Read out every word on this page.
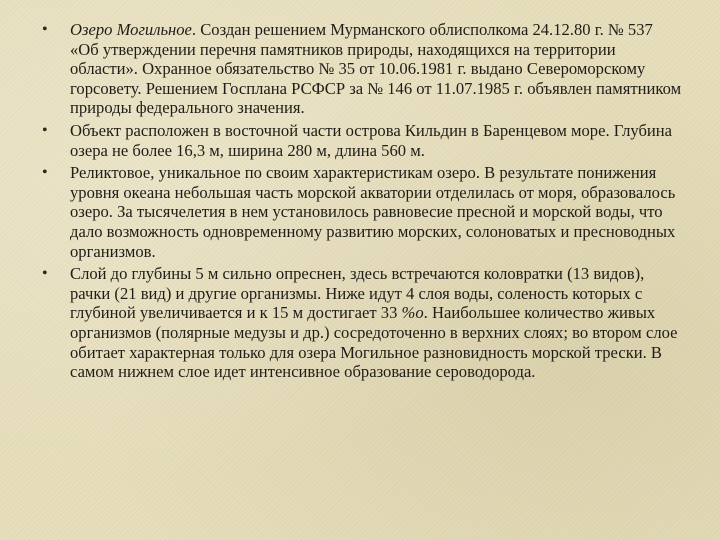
• Озеро Могильное. Создан решением Мурманского облисполкома 24.12.80 г. № 537 «Об утверждении перечня памятников природы, находящихся на территории области». Охранное обязательство № 35 от 10.06.1981 г. выдано Североморскому горсовету. Решением Госплана РСФСР за № 146 от 11.07.1985 г. объявлен памятником природы федерального значения.
• Объект расположен в восточной части острова Кильдин в Баренцевом море. Глубина озера не более 16,3 м, ширина 280 м, длина 560 м.
• Реликтовое, уникальное по своим характеристикам озеро. В результате понижения уровня океана небольшая часть морской акватории отделилась от моря, образовалось озеро. За тысячелетия в нем установилось равновесие пресной и морской воды, что дало возможность одновременному развитию морских, солоноватых и пресноводных организмов.
• Слой до глубины 5 м сильно опреснен, здесь встречаются коловратки (13 видов), рачки (21 вид) и другие организмы. Ниже идут 4 слоя воды, соленость которых с глубиной увеличивается и к 15 м достигает 33 %o. Наибольшее количество живых организмов (полярные медузы и др.) сосредоточенно в верхних слоях; во втором слое обитает характерная только для озера Могильное разновидность морской трески. В самом нижнем слое идет интенсивное образование сероводорода.
